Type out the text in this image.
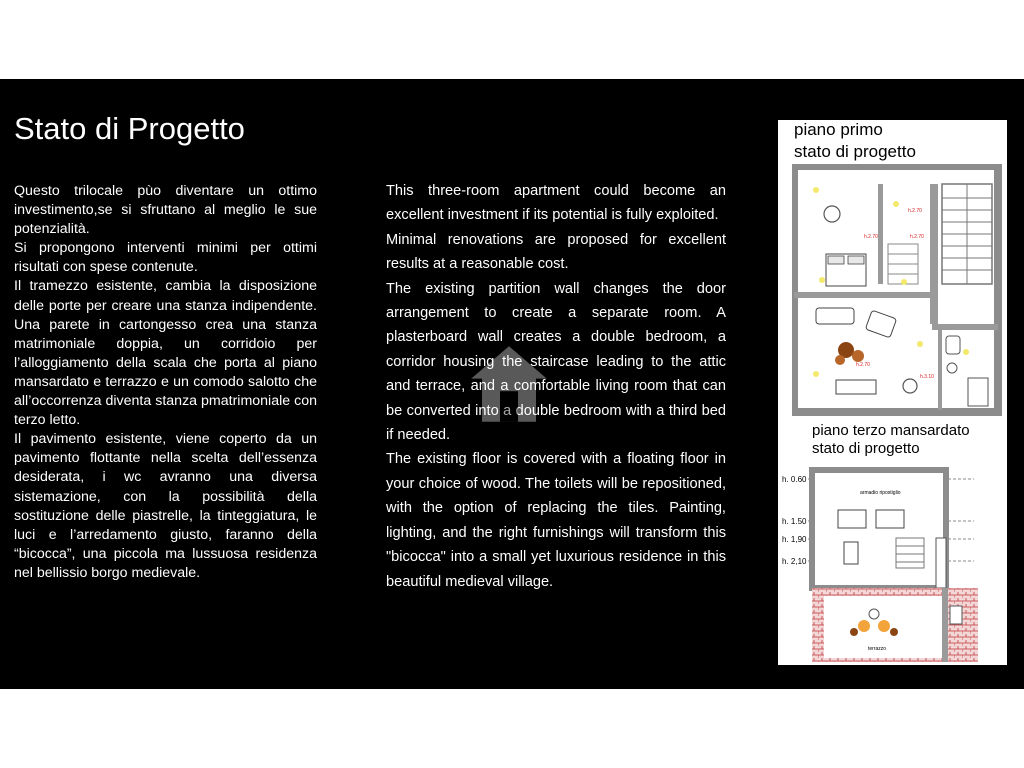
Stato di Progetto

Questo trilocale pùo diventare un ottimo investimento,se si sfruttano al meglio le sue potenzialità.

Si propongono interventi minimi per ottimi risultati con spese contenute.

Il tramezzo esistente, cambia la disposizione delle porte per creare una stanza indipendente. Una parete in cartongesso crea una stanza matrimoniale doppia, un corridoio per l’alloggiamento della scala che porta al piano mansardato e terrazzo e un comodo salotto che all’occorrenza diventa stanza pmatrimoniale con terzo letto.

Il pavimento esistente, viene coperto da un pavimento flottante nella scelta dell’essenza desiderata, i wc avranno una diversa sistemazione, con la possibilità della sostituzione delle piastrelle, la tinteggiatura, le luci e l’arredamento giusto, faranno della “bicocca”, una piccola ma lussuosa residenza nel bellissio borgo medievale.

This three-room apartment could become an excellent investment if its potential is fully exploited.

Minimal renovations are proposed for excellent results at a reasonable cost.

The existing partition wall changes the door arrangement to create a separate room. A plasterboard wall creates a double bedroom, a corridor housing the staircase leading to the attic and terrace, and a comfortable living room that can be converted into a double bedroom with a third bed if needed.

The existing floor is covered with a floating floor in your choice of wood. The toilets will be repositioned, with the option of replacing the tiles. Painting, lighting, and the right furnishings will transform this "bicocca" into a small yet luxurious residence in this beautiful medieval village.

piano primo
stato di progetto
h.2.70
h.2.70	h.2.70
h.2.70
h.3.10
piano terzo mansardato
stato di progetto
h. 0.60
h. 1.50
h. 1,90
h. 2,10
armadio ripostiglio
terrazzo
